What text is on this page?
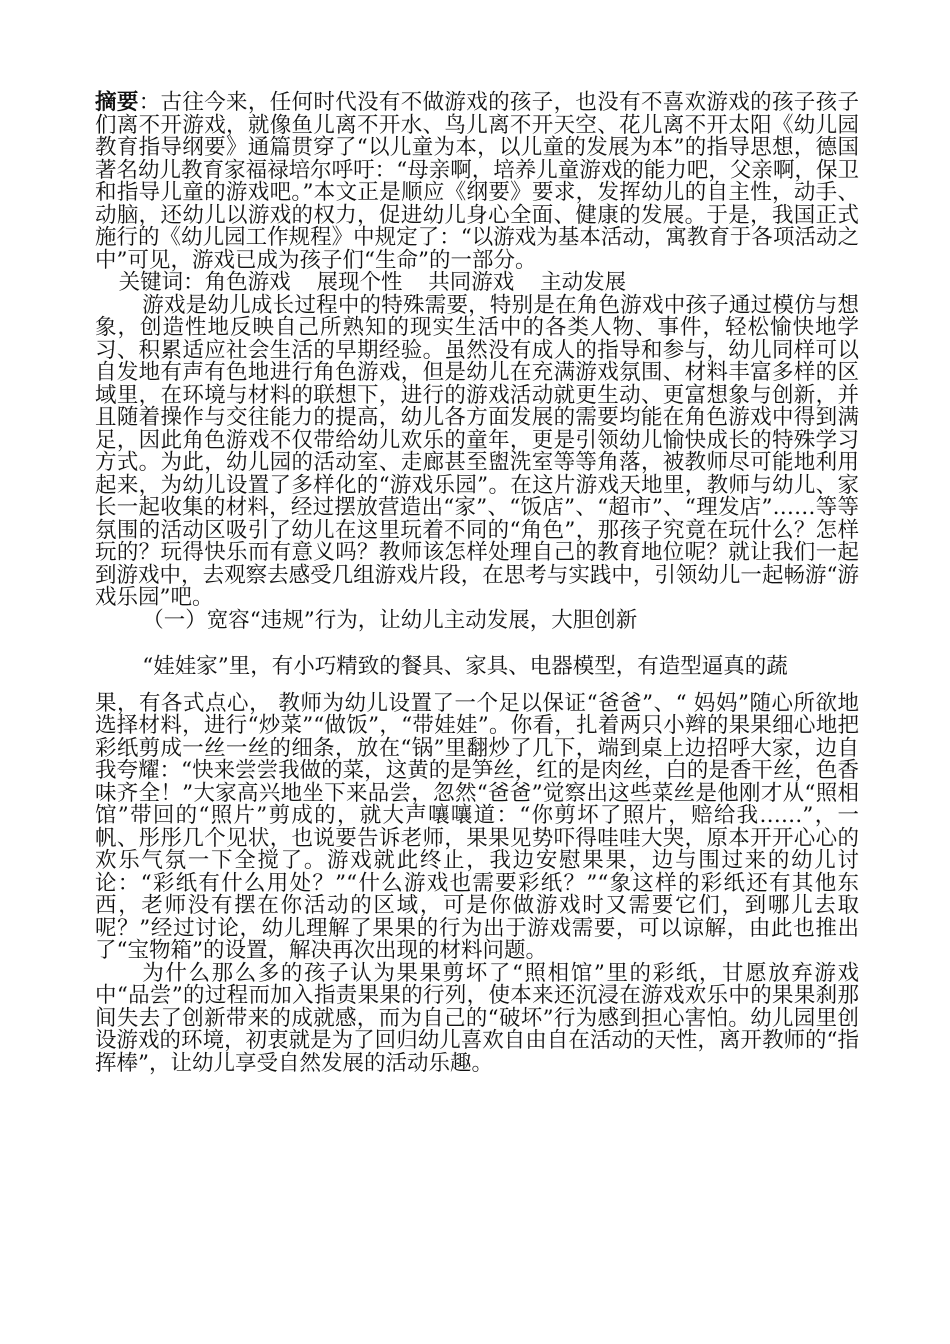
摘要：古往今来，任何时代没有不做游戏的孩子，也没有不喜欢游戏的孩子孩子们离不开游戏，就像鱼儿离不开水、鸟儿离不开天空、花儿离不开太阳《幼儿园教育指导纲要》通篇贯穿了“以儿童为本，以儿童的发展为本”的指导思想，德国著名幼儿教育家福禄培尔呼吁：“母亲啊，培养儿童游戏的能力吧，父亲啊，保卫和指导儿童的游戏吧。”本文正是顺应《纲要》要求，发挥幼儿的自主性，动手、动脑，还幼儿以游戏的权力，促进幼儿身心全面、健康的发展。于是，我国正式施行的《幼儿园工作规程》中规定了：“以游戏为基本活动，寓教育于各项活动之中”可见，游戏已成为孩子们“生命”的一部分。

关键词：角色游戏 展现个性 共同游戏 主动发展

游戏是幼儿成长过程中的特殊需要，特别是在角色游戏中孩子通过模仿与想象，创造性地反映自己所熟知的现实生活中的各类人物、事件，轻松愉快地学习、积累适应社会生活的早期经验。虽然没有成人的指导和参与，幼儿同样可以自发地有声有色地进行角色游戏，但是幼儿在充满游戏氛围、材料丰富多样的区域里，在环境与材料的联想下，进行的游戏活动就更生动、更富想象与创新，并且随着操作与交往能力的提高，幼儿各方面发展的需要均能在角色游戏中得到满足，因此角色游戏不仅带给幼儿欢乐的童年，更是引领幼儿愉快成长的特殊学习方式。为此，幼儿园的活动室、走廊甚至盥洗室等等角落，被教师尽可能地利用起来，为幼儿设置了多样化的“游戏乐园”。在这片游戏天地里，教师与幼儿、家长一起收集的材料，经过摆放营造出“家”、“饭店”、“超市”、“理发店”……等等氛围的活动区吸引了幼儿在这里玩着不同的“角色”，那孩子究竟在玩什么？怎样玩的？玩得快乐而有意义吗？教师该怎样处理自己的教育地位呢？就让我们一起到游戏中，去观察去感受几组游戏片段，在思考与实践中，引领幼儿一起畅游“游戏乐园”吧。

（一）宽容“违规”行为，让幼儿主动发展，大胆创新

“娃娃家”里，有小巧精致的餐具、家具、电器模型，有造型逼真的蔬

果，有各式点心， 教师为幼儿设置了一个足以保证“爸爸”、“ 妈妈”随心所欲地选择材料，进行“炒菜”“做饭”，“带娃娃”。你看，扎着两只小辫的果果细心地把彩纸剪成一丝一丝的细条，放在“锅”里翻炒了几下，端到桌上边招呼大家，边自我夸耀：“快来尝尝我做的菜，这黄的是笋丝，红的是肉丝，白的是香干丝，色香味齐全！”大家高兴地坐下来品尝，忽然“爸爸”觉察出这些菜丝是他刚才从“照相馆”带回的“照片”剪成的，就大声嚷嚷道：“你剪坏了照片，赔给我……”，一帆、彤彤几个见状，也说要告诉老师，果果见势吓得哇哇大哭，原本开开心心的欢乐气氛一下全搅了。游戏就此终止，我边安慰果果，边与围过来的幼儿讨论：“彩纸有什么用处？”“什么游戏也需要彩纸？”“象这样的彩纸还有其他东西，老师没有摆在你活动的区域，可是你做游戏时又需要它们，到哪儿去取呢？”经过讨论，幼儿理解了果果的行为出于游戏需要，可以谅解，由此也推出了“宝物箱”的设置，解决再次出现的材料问题。

为什么那么多的孩子认为果果剪坏了“照相馆”里的彩纸，甘愿放弃游戏中“品尝”的过程而加入指责果果的行列，使本来还沉浸在游戏欢乐中的果果刹那间失去了创新带来的成就感，而为自己的“破坏”行为感到担心害怕。幼儿园里创设游戏的环境，初衷就是为了回归幼儿喜欢自由自在活动的天性，离开教师的“指挥棒”，让幼儿享受自然发展的活动乐趣。
